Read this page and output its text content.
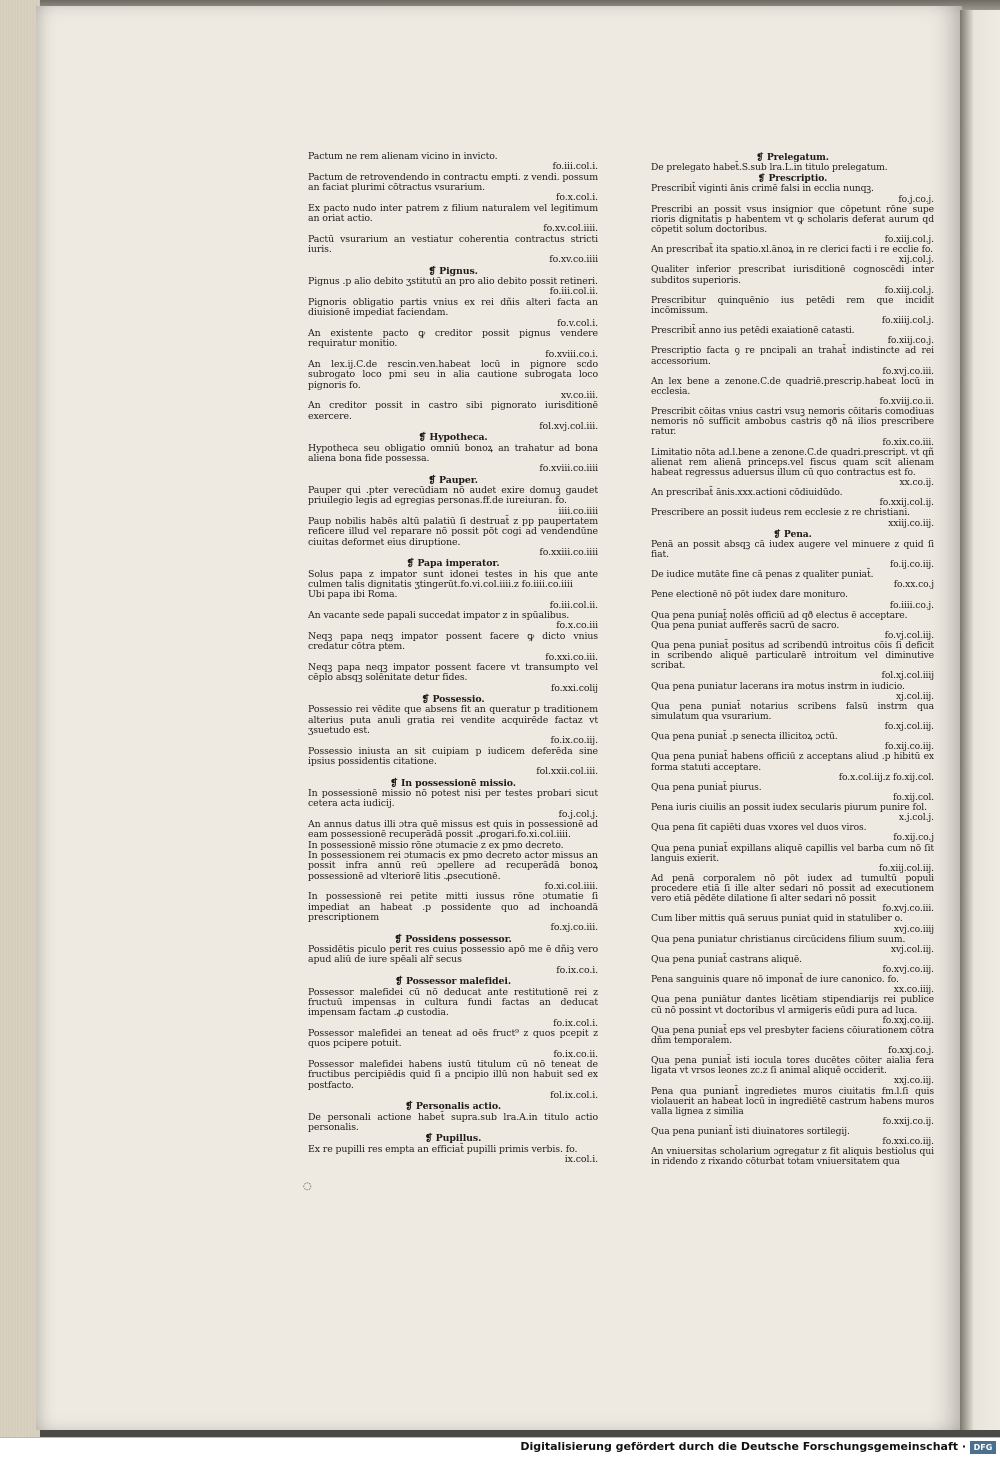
Pactum ne rem alienam vicino in invicto.
fo.iii.col.i.
Pactum de retrovendendo in contractu empti. z vendi. possum an faciat plurimi cōtractus vsurarium.
fo.x.col.i.
Ex pacto nudo inter patrem z filium naturalem vel legitimum an oriat actio.
fo.xv.col.iiii.
Pactū vsurarium an vestiatur coherentia contractus stricti iuris.
fo.xv.co.iiii
❡ Pignus.
Pignus .p alio debito ʒstitutū an pro alio debito possit retineri.
fo.iii.col.ii.
Pignoris obligatio partis vnius ex rei dñis alteri facta an diuisionē impediat faciendam.
fo.v.col.i.
An existente pacto ꝙ creditor possit pignus vendere requiratur monitio.
fo.xviii.co.i.
An lex.ij.C.de rescin.ven.habeat locū in pignore scdo subrogato loco pmi seu in alia cautione subrogata loco pignoris fo.
xv.co.iii.
An creditor possit in castro sibi pignorato iurisditionē exercere.
fol.xvj.col.iii.
❡ Hypotheca.
Hypotheca seu obligatio omniū bonoꝝ an trahatur ad bona aliena bona fide possessa.
fo.xviii.co.iiii
❡ Pauper.
Pauper qui .pter verecūdiam nō audet exire domuꝫ gaudet priuilegio legis ad egregias personas.ff.de iureiuran. fo.
iiii.co.iiii
Paup nobilis habēs altū palatiū ſi destruat̄ z pp paupertatem reficere illud vel reparare nō possit pōt cogi ad vendendūne ciuitas deformet eius diruptione.
fo.xxiii.co.iiii
❡ Papa imperator.
Solus papa z impator sunt idonei testes in his que ante culmen talis dignitatis ʒtingerūt.fo.vi.col.iiii.z fo.iiii.co.iiii
Ubi papa ibi Roma.
fo.iii.col.ii.
An vacante sede papali succedat impator z in spūalibus.
fo.x.co.iii
Neqꝫ papa neqꝫ impator possent facere ꝙ dicto vnius credatur cōtra ptem.
fo.xxi.co.iii.
Neqꝫ papa neqꝫ impator possent facere vt transumpto vel cēplo absqꝫ solēnitate detur fides.
fo.xxi.colij
❡ Possessio.
Possessio rei vēdite que absens fit an queratur p traditionem alterius puta anuli gratia rei vendite acquirēde factaz vt ʒsuetudo est.
fo.ix.co.iij.
Possessio iniusta an sit cuipiam p iudicem deferēda sine ipsius possidentis citatione.
fol.xxii.col.iii.
❡ In possessionē missio.
In possessionē missio nō potest nisi per testes probari sicut cetera acta iudicij.
fo.j.col.j.
An annus datus illi ɔtra quē missus est quis in possessionē ad eam possessionē recuperādā possit .ꝓrogari.fo.xi.col.iiii.
In possessionē missio rōne ɔtumacie z ex pmo decreto.
In possessionem rei ɔtumacis ex pmo decreto actor missus an possit infra annū reū ɔpellere ad recuperādā bonoꝝ possessionē ad vlteriorē litis .ꝓsecutionē.
fo.xi.col.iiii.
In possessionē rei petite mitti iussus rōne ɔtumatie ſi impediat an habeat .p possidente quo ad inchoandā prescriptionem
fo.xj.co.iii.
❡ Possidens possessor.
Possidētis piculo perit res cuius possessio apō me ē dñiꝫ vero apud aliū de iure spēali alr̄ secus
fo.ix.co.i.
❡ Possessor malefidei.
Possessor malefidei cū nō deducat ante restitutionē rei z fructuū impensas in cultura fundi factas an deducat impensam factam .ꝓ custodia.
fo.ix.col.i.
Possessor malefidei an teneat ad oēs fruct⁹ z quos pcepit z quos pcipere potuit.
fo.ix.co.ii.
Possessor malefidei habens iustū titulum cū nō teneat de fructibus percipiēdis quid ſi a pncipio illū non habuit sed ex postfacto.
fol.ix.col.i.
❡ Personalis actio.
De personali actione habet̄ supra.sub lra.A.in titulo actio personalis.
❡ Pupillus.
Ex re pupilli res empta an efficiat̄ pupilli primis verbis. fo.
ix.col.i.
❡ Prelegatum.
De prelegato habet̄.S.sub lra.L.in titulo prelegatum.
❡ Prescriptio.
Prescribit̄ viginti ānis crimē falsi in ecclia nunqꝫ.
fo.j.co.j.
Prescribi an possit vsus insignior que cōpetunt rōne supe rioris dignitatis p habentem vt ꝙ scholaris deferat aurum qd cōpetit solum doctoribus.
fo.xiij.col.j.
An prescribat̄ ita spatio.xl.ānoꝝ in re clerici facti i re ecclie fo.
xij.col.j.
Qualiter inferior prescribat iurisditionē cognoscēdi inter subditos superioris.
fo.xiij.col.j.
Prescribitur quinquēnio ius petēdi rem que incidit incōmissum.
fo.xiiij.col.j.
Prescribit̄ anno ius petēdi exaiationē catasti.
fo.xiij.co.j.
Prescriptio facta ꝯ re pncipali an trahat̄ indistincte ad rei accessorium.
fo.xvj.co.iii.
An lex bene a zenone.C.de quadriē.prescrip.habeat locū in ecclesia.
fo.xviij.co.ii.
Prescribit cōitas vnius castri vsuꝫ nemoris cōitaris comodiuas nemoris nō sufficit ambobus castris qð nā ilios prescribere ratur.
fo.xix.co.iii.
Limitatio nōta ad.l.bene a zenone.C.de quadri.prescript. vt qñ alienat rem alienā princeps.vel fiscus quam scit alienam habeat regressus aduersus illum cū quo contractus est fo.
xx.co.ij.
An prescribat̄ ānis.xxx.actioni cōdiuidūdo.
fo.xxij.col.ij.
Prescribere an possit iudeus rem ecclesie z re christiani.
xxiij.co.iij.
❡ Pena.
Penā an possit absqꝫ cā iudex augere vel minuere z quid ſi fiat.
fo.ij.co.iij.
De iudice mutāte fine cā penas z qualiter puniat̄.
fo.xx.co.j
Pene electionē nō pōt iudex dare monituro.
fo.iiii.co.j.
Qua pena puniat̄ nolēs officiū ad qð electus ē acceptare.
Qua pena puniat̄ aufferēs sacrū de sacro.
fo.vj.col.iij.
Qua pena puniat̄ positus ad scribendū introitus cōis ſi deficit in scribendo aliquē particularē introitum vel diminutive scribat.
fol.xj.col.iiij
Qua pena puniatur lacerans ira motus instrm in iudicio.
xj.col.iij.
Qua pena puniat̄ notarius scribens falsū instrm qua simulatum qua vsurarium.
fo.xj.col.iij.
Qua pena puniat̄ .p senecta illicitoꝝ ɔctū.
fo.xij.co.iij.
Qua pena puniat̄ habens officiū z acceptans aliud .p hibitū ex forma statuti acceptare.
fo.x.col.iij.z fo.xij.col.
Qua pena puniat̄ piurus.
fo.xij.col.
Pena iuris ciuilis an possit iudex secularis piurum punire fol.
x.j.col.j.
Qua pena ſit capiēti duas vxores vel duos viros.
fo.xij.co.j
Qua pena puniat̄ expillans aliquē capillis vel barba cum nō ſit languis exierit.
fo.xiij.col.iij.
Ad penā corporalem nō pōt iudex ad tumultū populi procedere etiā ſi ille alter sedari nō possit ad executionem vero etiā pēdēte dilatione ſi alter sedari nō possit
fo.xvj.co.iii.
Cum liber mittis quā seruus puniat quid in statuliber o.
xvj.co.iiij
Qua pena puniatur christianus circūcidens filium suum.
xvj.col.iij.
Qua pena puniat̄ castrans aliquē.
fo.xvj.co.iij.
Pena sanguinis quare nō imponat̄ de iure canonico. fo.
xx.co.iiij.
Qua pena puniātur dantes licētiam stipendiarijs rei publice cū nō possint vt doctoribus vl armigeris eūdi pura ad luca.
fo.xxj.co.iij.
Qua pena puniat̄ eps vel presbyter faciens cōiurationem cōtra dñm temporalem.
fo.xxj.co.j.
Qua pena puniat̄ isti iocula tores ducētes cōiter aialia fera ligata vt vrsos leones zc.z ſi animal aliquē occiderit.
xxj.co.iij.
Pena qua puniant̄ ingredietes muros ciuitatis fm.l.ſi quis violauerit an habeat locū in ingrediētē castrum habens muros valla lignea z similia
fo.xxij.co.ij.
Qua pena puniant̄ isti diuinatores sortilegij.
fo.xxi.co.iij.
An vniuersitas scholarium ɔgregatur z fit aliquis bestiolus qui in ridendo z rixando cōturbat totam vniuersitatem qua
◌
Digitalisierung gefördert durch die Deutsche Forschungsgemeinschaft · DFG
